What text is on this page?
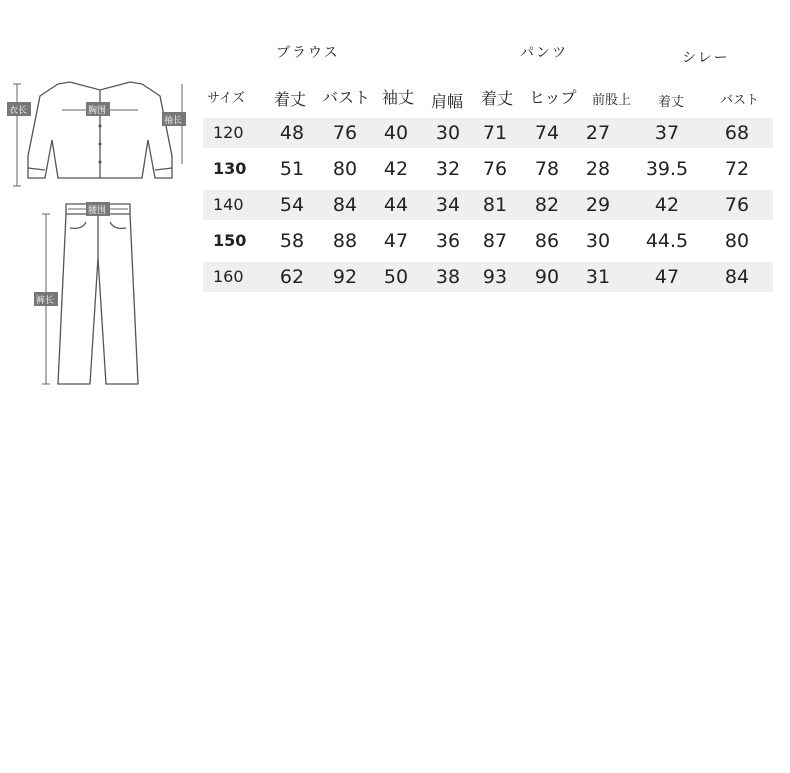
ブラウス	パンツ	シレー
衣长	胸围
袖长
腰围
裤长
サイズ 着丈 バスト 袖丈 肩幅 着丈 ヒップ 前股上 着丈	バスト
120 48 76 40 30 71 74 27 37 68
130 51 80 42 32 76 78 28 39.5 72
140 54 84 44 34 81 82 29 42 76
150 58 88 47 36 87 86 30 44.5 80
160 62 92 50 38 93 90 31 47 84
